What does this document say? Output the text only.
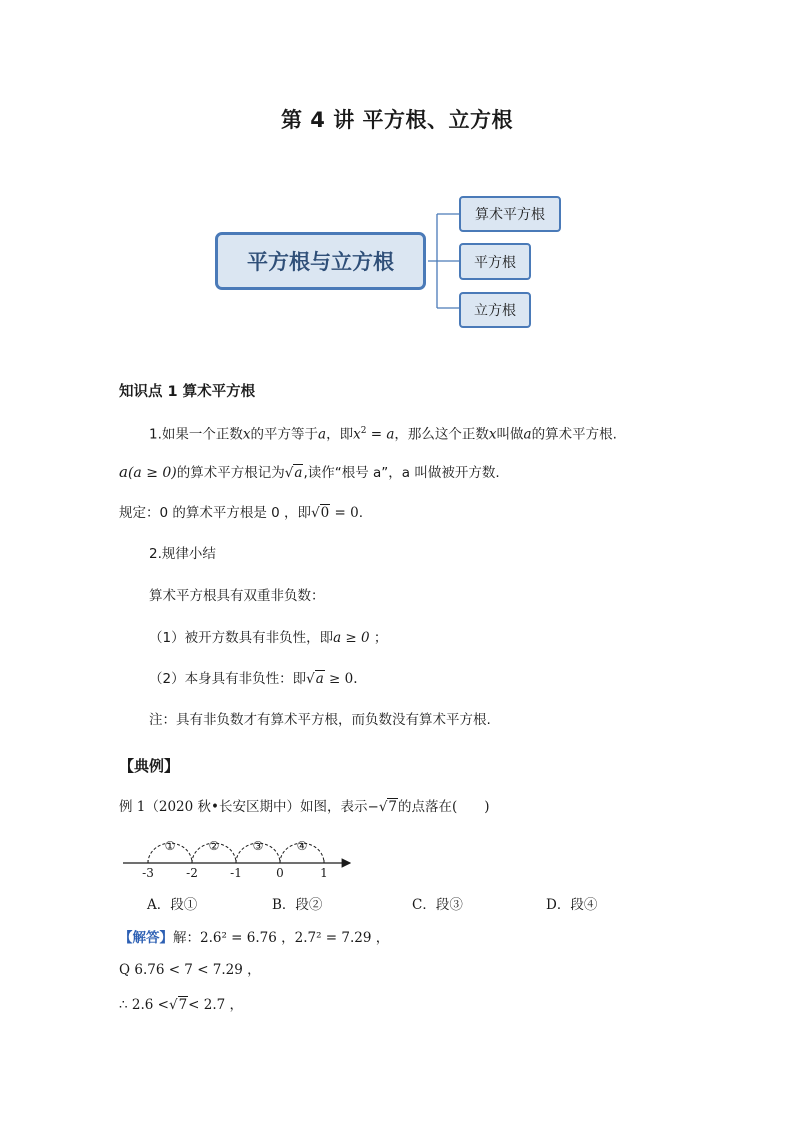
第 4 讲 平方根、立方根
平方根与立方根
算术平方根
平方根
立方根
知识点 1 算术平方根
1.如果一个正数x的平方等于a，即$x^2 = a$，那么这个正数x叫做a的算术平方根.
a(a ≥ 0)的算术平方根记为√a,读作“根号 a”，a 叫做被开方数.
规定：0 的算术平方根是 0 ，即√0 = 0.
2.规律小结
算术平方根具有双重非负数：
（1）被开方数具有非负性，即a ≥ 0 ；
（2）本身具有非负性：即√a ≥ 0.
注：具有非负数才有算术平方根，而负数没有算术平方根.
【典例】
例 1（2020 秋•长安区期中）如图，表示−√7的点落在(　　)
①	②	③	④
-3	-2	-1	0	1
A．段①	B．段②	C．段③	D．段④
【解答】解：2.6² = 6.76 ，2.7² = 7.29 ，
Q 6.76 < 7 < 7.29 ，
∴ 2.6 <√7< 2.7 ，
